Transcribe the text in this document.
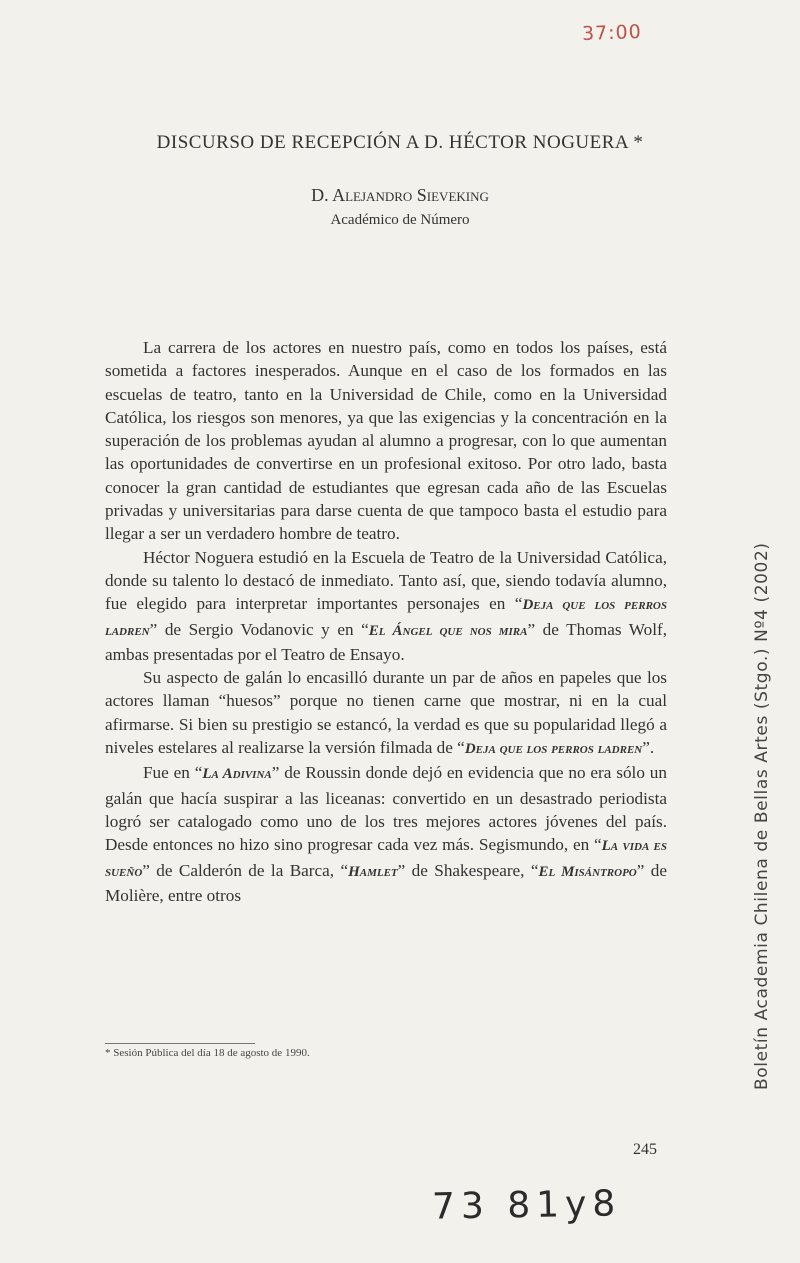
37:00
DISCURSO DE RECEPCIÓN A D. HÉCTOR NOGUERA *
D. Alejandro Sieveking
Académico de Número

La carrera de los actores en nuestro país, como en todos los países, está sometida a factores inesperados. Aunque en el caso de los formados en las escuelas de teatro, tanto en la Universidad de Chile, como en la Universidad Católica, los riesgos son menores, ya que las exigencias y la concentración en la superación de los problemas ayudan al alumno a progresar, con lo que aumentan las oportunidades de convertirse en un profesional exitoso. Por otro lado, basta conocer la gran cantidad de estudiantes que egresan cada año de las Escuelas privadas y universitarias para darse cuenta de que tampoco basta el estudio para llegar a ser un verdadero hombre de teatro.

Héctor Noguera estudió en la Escuela de Teatro de la Universidad Católica, donde su talento lo destacó de inmediato. Tanto así, que, siendo todavía alumno, fue elegido para interpretar importantes personajes en “Deja que los perros ladren” de Sergio Vodanovic y en “El Ángel que nos mira” de Thomas Wolf, ambas presentadas por el Teatro de Ensayo.

Su aspecto de galán lo encasilló durante un par de años en papeles que los actores llaman “huesos” porque no tienen carne que mostrar, ni en la cual afirmarse. Si bien su prestigio se estancó, la verdad es que su popularidad llegó a niveles estelares al realizarse la versión filmada de “Deja que los perros ladren”.

Fue en “La Adivina” de Roussin donde dejó en evidencia que no era sólo un galán que hacía suspirar a las liceanas: convertido en un desastrado periodista logró ser catalogado como uno de los tres mejores actores jóvenes del país. Desde entonces no hizo sino progresar cada vez más. Segismundo, en “La vida es sueño” de Calderón de la Barca, “Hamlet” de Shakespeare, “El Misántropo” de Molière, entre otros

* Sesión Pública del día 18 de agosto de 1990.
245
Boletín Academia Chilena de Bellas Artes (Stgo.) Nº4 (2002)
73 81y8
